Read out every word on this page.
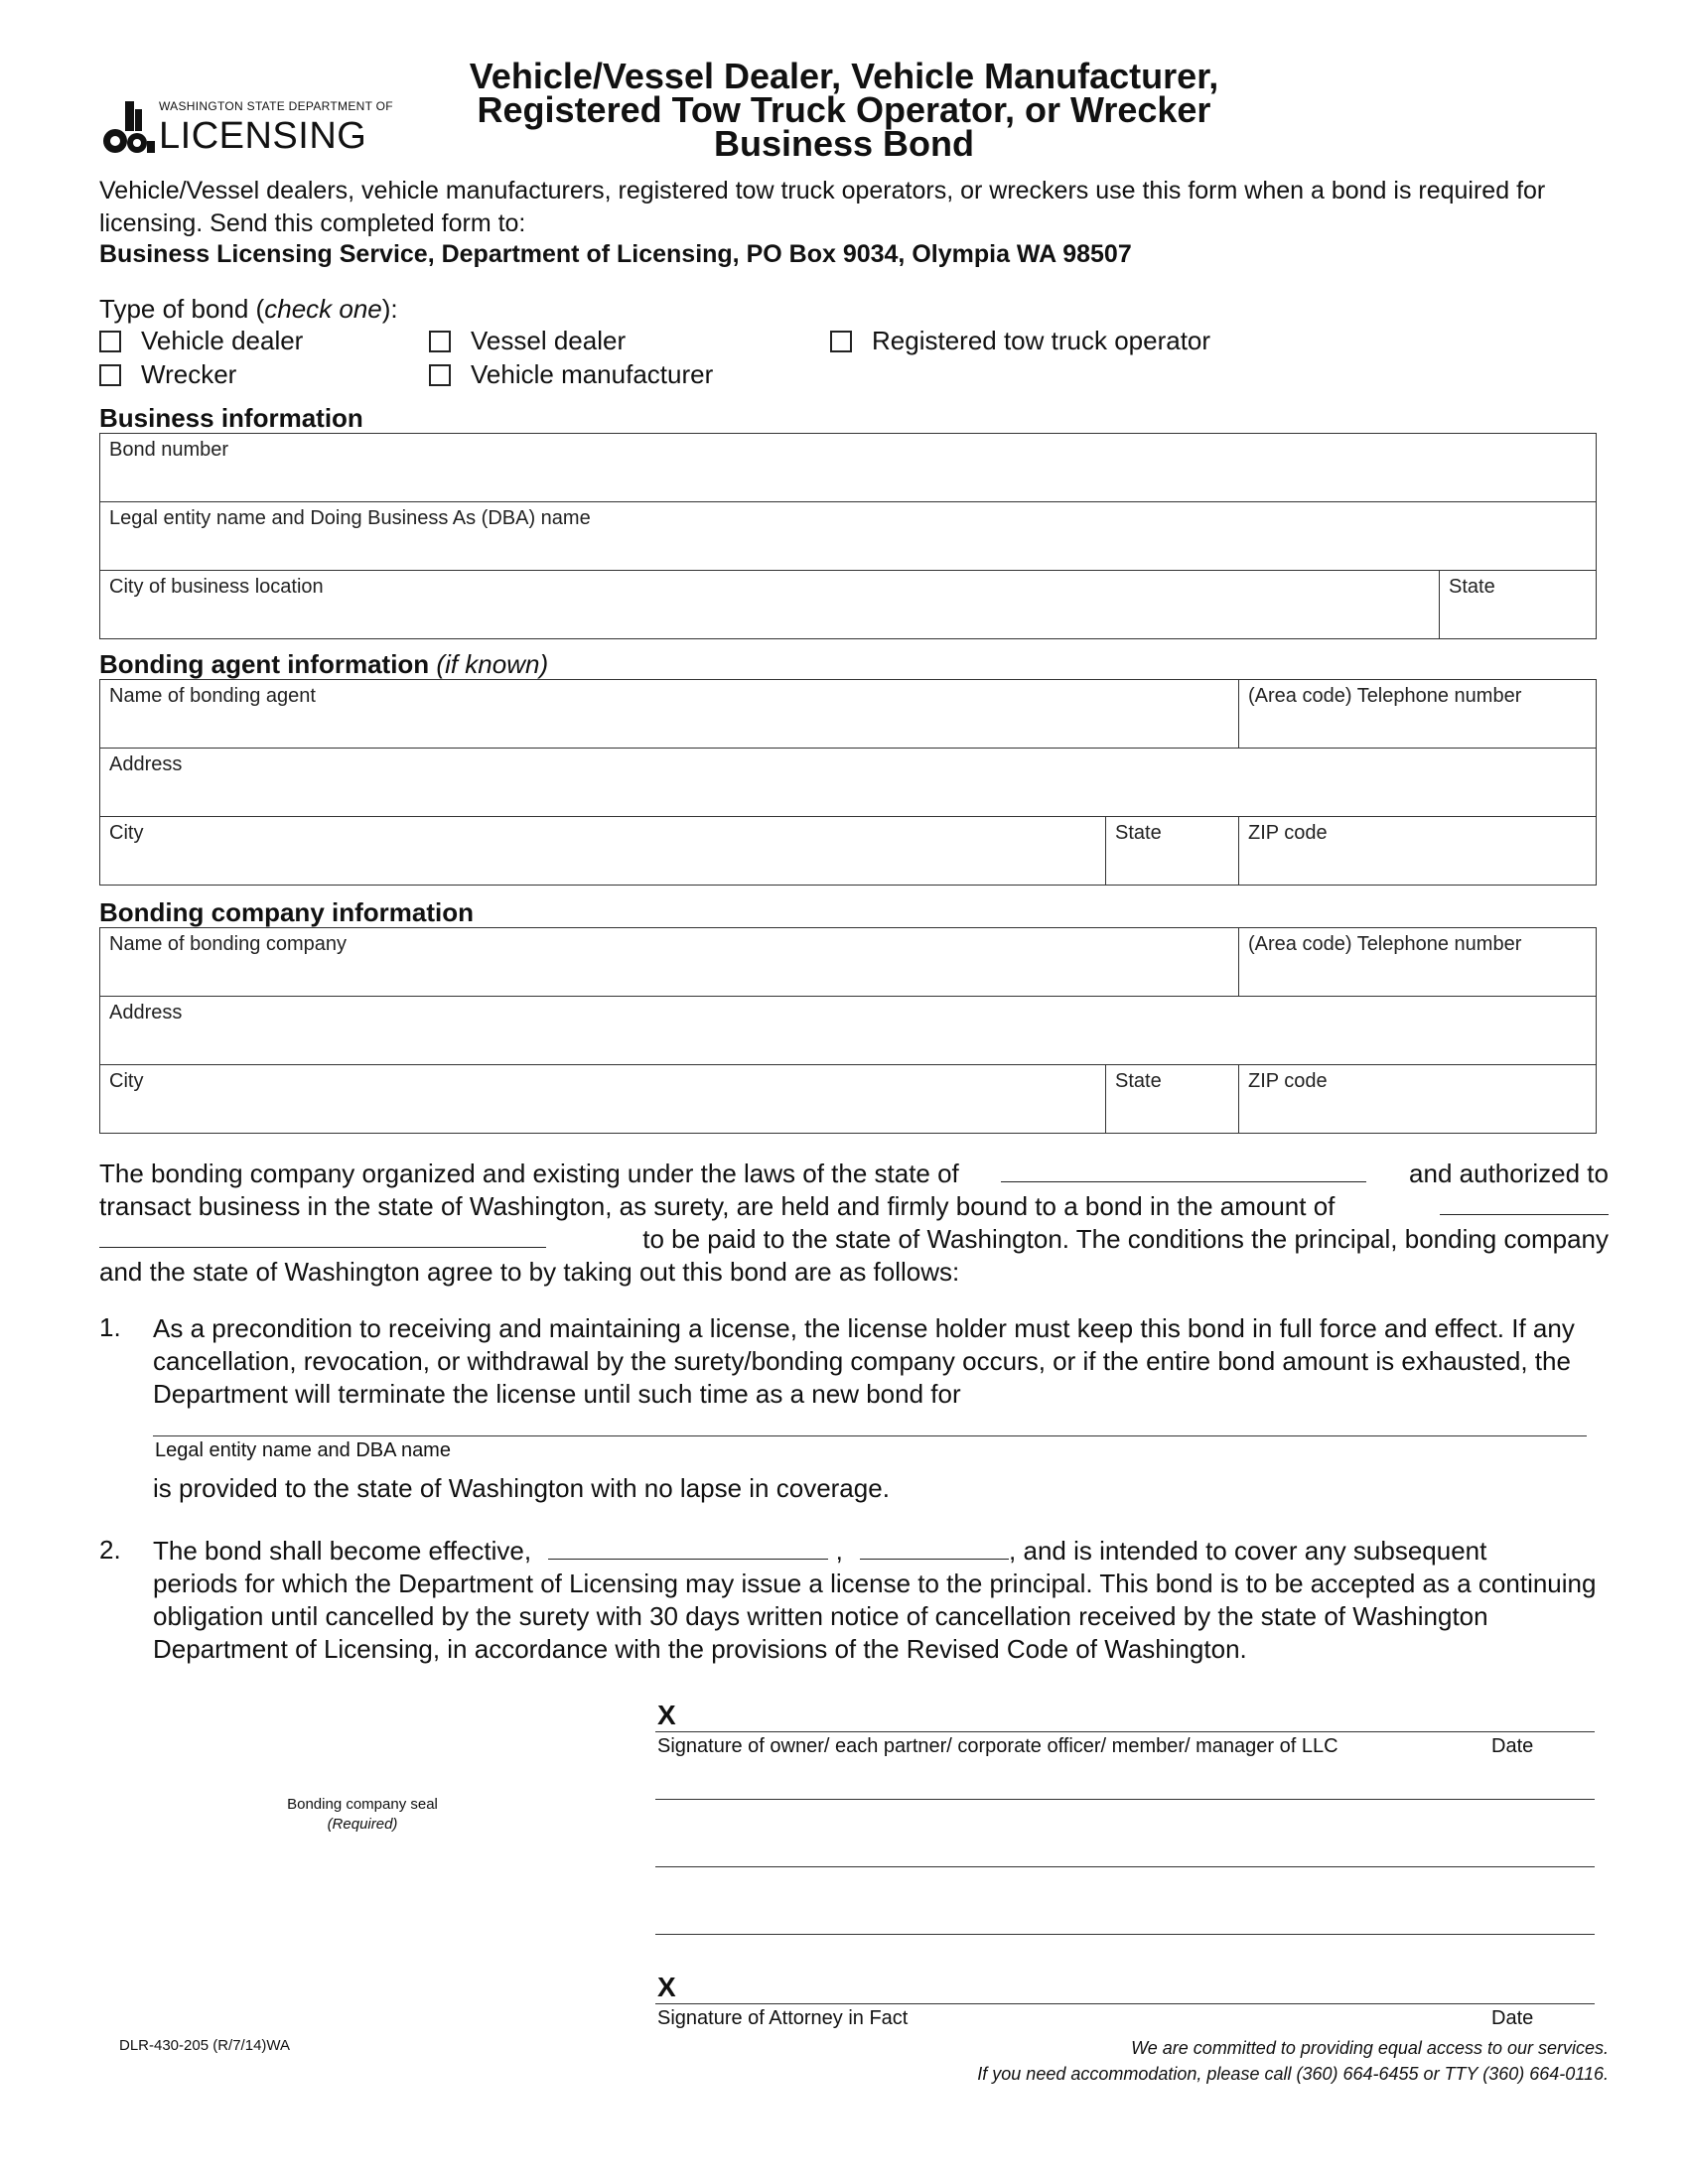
WASHINGTON STATE DEPARTMENT OF
LICENSING
Vehicle/Vessel Dealer, Vehicle Manufacturer,
Registered Tow Truck Operator, or Wrecker
Business Bond
Vehicle/Vessel dealers, vehicle manufacturers, registered tow truck operators, or wreckers use this form when a bond is required for licensing. Send this completed form to:
Business Licensing Service, Department of Licensing, PO Box 9034, Olympia WA 98507
Type of bond (check one):
Vehicle dealer	Vessel dealer	Registered tow truck operator
Wrecker	Vehicle manufacturer
Business information
Bond number
Legal entity name and Doing Business As (DBA) name
City of business location	State
Bonding agent information (if known)
Name of bonding agent	(Area code) Telephone number
Address
City	State	ZIP code
Bonding company information
Name of bonding company	(Area code) Telephone number
Address
City	State	ZIP code
The bonding company organized and existing under the laws of the state of	and authorized to
transact business in the state of Washington, as surety, are held and firmly bound to a bond in the amount of
to be paid to the state of Washington. The conditions the principal, bonding company
and the state of Washington agree to by taking out this bond are as follows:
1. As a precondition to receiving and maintaining a license, the license holder must keep this bond in full force and effect. If any cancellation, revocation, or withdrawal by the surety/bonding company occurs, or if the entire bond amount is exhausted, the Department will terminate the license until such time as a new bond for
Legal entity name and DBA name
is provided to the state of Washington with no lapse in coverage.
2. The bond shall become effective,	,	, and is intended to cover any subsequent
periods for which the Department of Licensing may issue a license to the principal. This bond is to be accepted as a continuing obligation until cancelled by the surety with 30 days written notice of cancellation received by the state of Washington Department of Licensing, in accordance with the provisions of the Revised Code of Washington.
X
Signature of owner/ each partner/ corporate officer/ member/ manager of LLC	Date
Bonding company seal
(Required)
X
Signature of Attorney in Fact	Date
DLR-430-205 (R/7/14)WA	We are committed to providing equal access to our services.
If you need accommodation, please call (360) 664-6455 or TTY (360) 664-0116.
